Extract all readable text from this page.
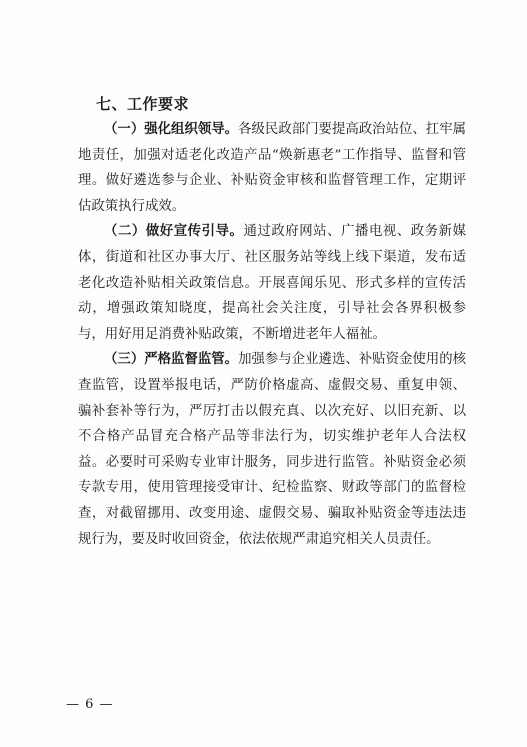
七、工作要求

（一）强化组织领导。各级民政部门要提高政治站位、扛牢属地责任，加强对适老化改造产品“焕新惠老”工作指导、监督和管理。做好遴选参与企业、补贴资金审核和监督管理工作，定期评估政策执行成效。

（二）做好宣传引导。通过政府网站、广播电视、政务新媒体，街道和社区办事大厅、社区服务站等线上线下渠道，发布适老化改造补贴相关政策信息。开展喜闻乐见、形式多样的宣传活动，增强政策知晓度，提高社会关注度，引导社会各界积极参与，用好用足消费补贴政策，不断增进老年人福祉。

（三）严格监督监管。加强参与企业遴选、补贴资金使用的核查监管，设置举报电话，严防价格虚高、虚假交易、重复申领、骗补套补等行为，严厉打击以假充真、以次充好、以旧充新、以不合格产品冒充合格产品等非法行为，切实维护老年人合法权益。必要时可采购专业审计服务，同步进行监管。补贴资金必须专款专用，使用管理接受审计、纪检监察、财政等部门的监督检查，对截留挪用、改变用途、虚假交易、骗取补贴资金等违法违规行为，要及时收回资金，依法依规严肃追究相关人员责任。

— 6 —
